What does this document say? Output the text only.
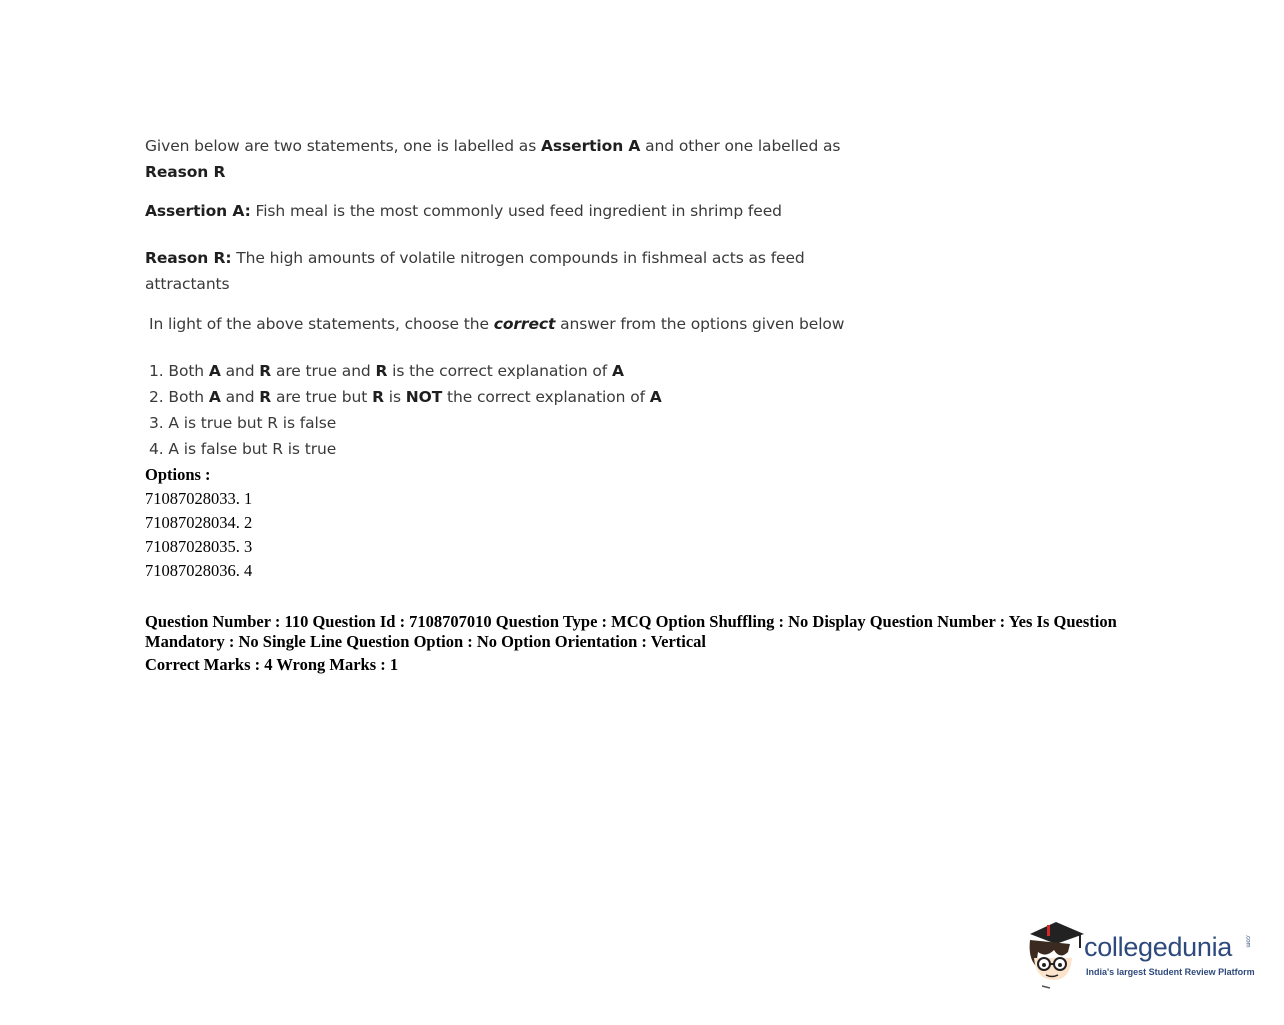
Given below are two statements, one is labelled as Assertion A and other one labelled as
Reason R
Assertion A: Fish meal is the most commonly used feed ingredient in shrimp feed
Reason R: The high amounts of volatile nitrogen compounds in fishmeal acts as feed
attractants
In light of the above statements, choose the correct answer from the options given below
1. Both A and R are true and R is the correct explanation of A
2. Both A and R are true but R is NOT the correct explanation of A
3. A is true but R is false
4. A is false but R is true
Options :
71087028033. 1
71087028034. 2
71087028035. 3
71087028036. 4
Question Number : 110 Question Id : 7108707010 Question Type : MCQ Option Shuffling : No Display Question Number : Yes Is Question Mandatory : No Single Line Question Option : No Option Orientation : Vertical
Correct Marks : 4 Wrong Marks : 1
collegedunia .com
India's largest Student Review Platform
